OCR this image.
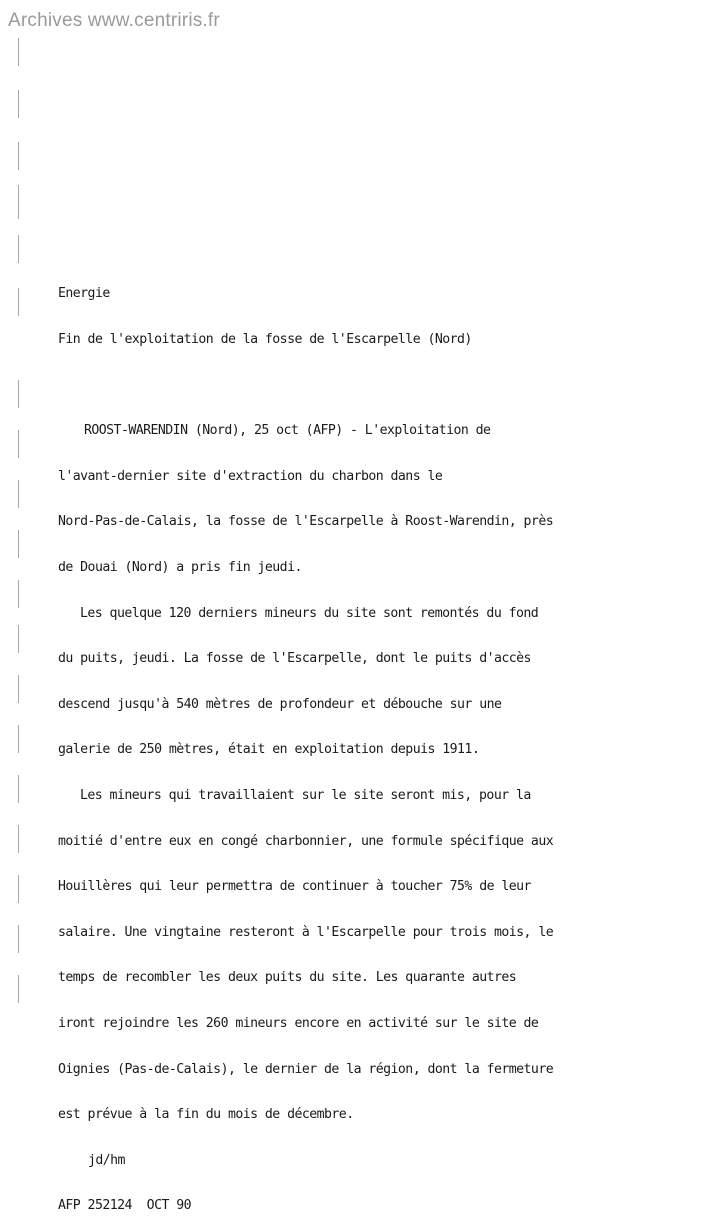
Archives www.centriris.fr

Energie

Fin de l'exploitation de la fosse de l'Escarpelle (Nord)

ROOST-WARENDIN (Nord), 25 oct (AFP) - L'exploitation de

l'avant-dernier site d'extraction du charbon dans le

Nord-Pas-de-Calais, la fosse de l'Escarpelle à Roost-Warendin, près

de Douai (Nord) a pris fin jeudi.

Les quelque 120 derniers mineurs du site sont remontés du fond

du puits, jeudi. La fosse de l'Escarpelle, dont le puits d'accès

descend jusqu'à 540 mètres de profondeur et débouche sur une

galerie de 250 mètres, était en exploitation depuis 1911.

Les mineurs qui travaillaient sur le site seront mis, pour la

moitié d'entre eux en congé charbonnier, une formule spécifique aux

Houillères qui leur permettra de continuer à toucher 75% de leur

salaire. Une vingtaine resteront à l'Escarpelle pour trois mois, le

temps de recombler les deux puits du site. Les quarante autres

iront rejoindre les 260 mineurs encore en activité sur le site de

Oignies (Pas-de-Calais), le dernier de la région, dont la fermeture

est prévue à la fin du mois de décembre.

jd/hm

AFP 252124  OCT 90
